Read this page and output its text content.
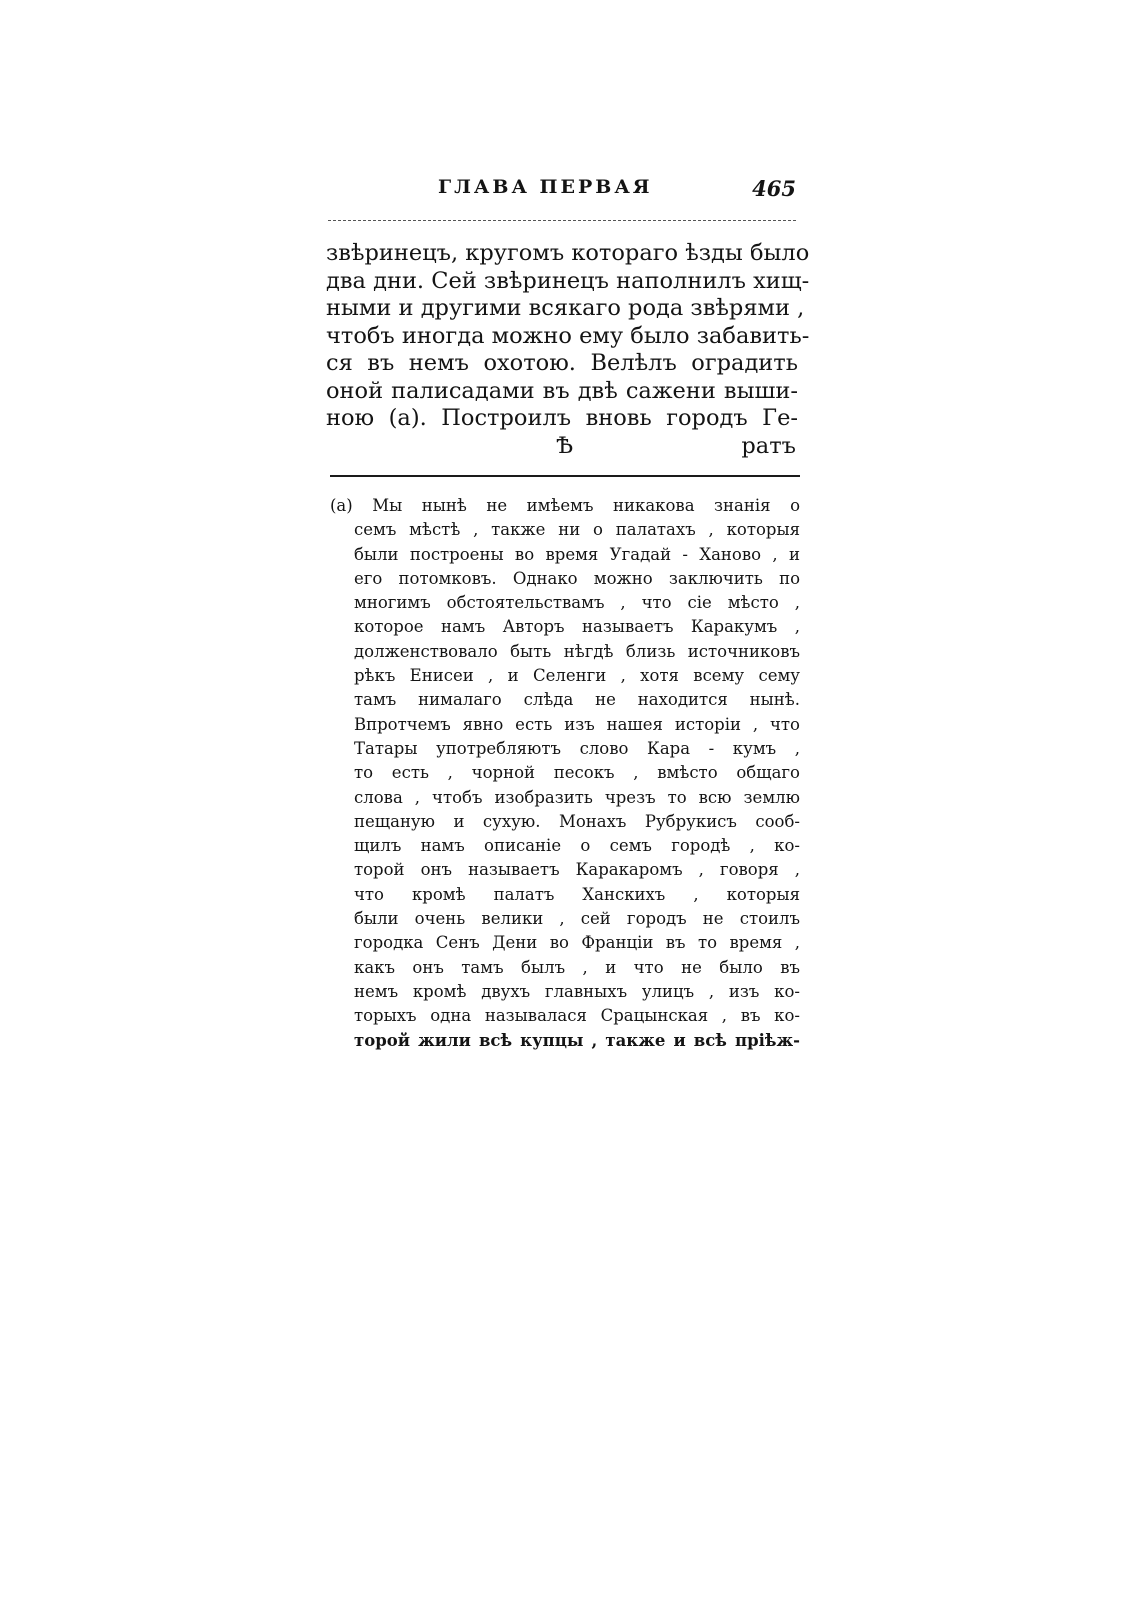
ГЛАВА ПЕРВАЯ	465
звѣринецъ, кругомъ котораго ѣзды было
два дни. Сей звѣринецъ наполнилъ хищ-
ными и другими всякаго рода звѣрями ,
чтобъ иногда можно ему было забавить-
ся въ немъ охотою. Велѣлъ оградить
оной палисадами въ двѣ сажени выши-
ною (а). Построилъ вновь городъ Ге-
Ѣ	ратъ
(а) Мы нынѣ не имѣемъ никакова знанія о
семъ мѣстѣ , также ни о палатахъ , которыя
были построены во время Угадай - Ханово , и
его потомковъ. Однако можно заключить по
многимъ обстоятельствамъ , что сіе мѣсто ,
которое намъ Авторъ называетъ Каракумъ ,
долженствовало быть нѣгдѣ близь источниковъ
рѣкъ Енисеи , и Селенги , хотя всему сему
тамъ нималаго слѣда не находится нынѣ.
Впротчемъ явно есть изъ нашея исторіи , что
Татары употребляютъ слово Кара - кумъ ,
то есть , чорной песокъ , вмѣсто общаго
слова , чтобъ изобразить чрезъ то всю землю
пещаную и сухую. Монахъ Рубрукисъ сооб-
щилъ намъ описаніе о семъ городѣ , ко-
торой онъ называетъ Каракаромъ , говоря ,
что кромѣ палатъ Ханскихъ , которыя
были очень велики , сей городъ не стоилъ
городка Сенъ Дени во Франціи въ то время ,
какъ онъ тамъ былъ , и что не было въ
немъ кромѣ двухъ главныхъ улицъ , изъ ко-
торыхъ одна называлася Срацынская , въ ко-
торой жили всѣ купцы , также и всѣ пріѣж-
